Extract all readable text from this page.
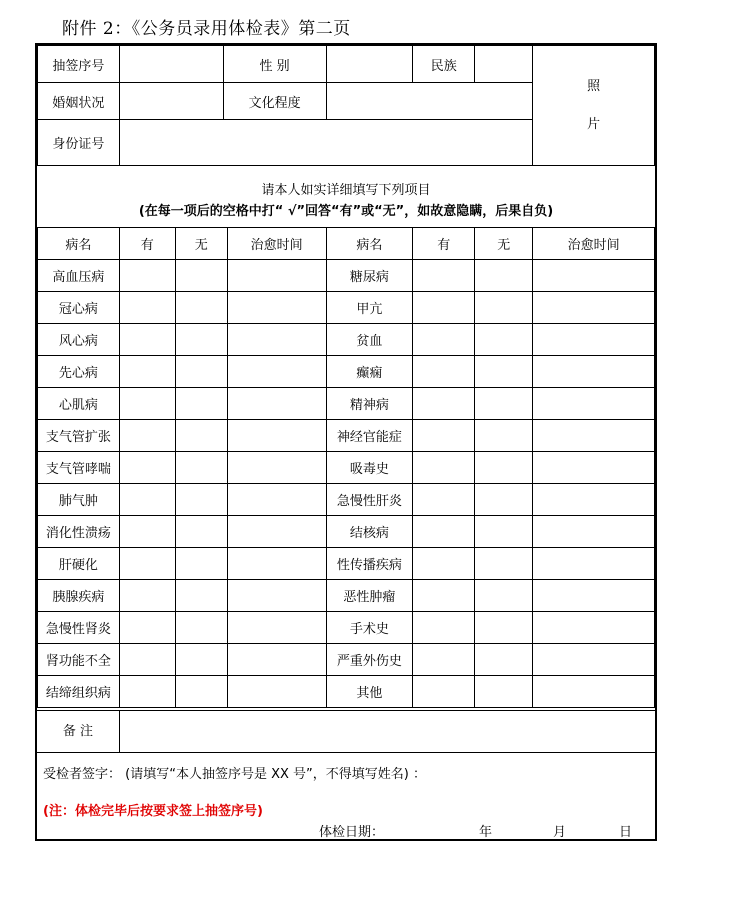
附件 2：《公务员录用体检表》第二页
抽签序号		性 别		民族		照
片

婚姻状况		文化程度				
身份证号						
请本人如实详细填写下列项目
(在每一项后的空格中打“ √”回答“有”或“无”，如故意隐瞒，后果自负)
病名	有	无	治愈时间	病名	有	无	治愈时间
高血压病				糖尿病			
冠心病				甲亢			
风心病				贫血			
先心病				癫痫			
心肌病				精神病			
支气管扩张				神经官能症			
支气管哮喘				吸毒史			
肺气肿				急慢性肝炎			
消化性溃疡				结核病			
肝硬化				性传播疾病			
胰腺疾病				恶性肿瘤			
急慢性肾炎				手术史			
肾功能不全				严重外伤史			
结缔组织病				其他			
备 注
受检者签字： (请填写“本人抽签序号是 XX 号”，不得填写姓名) ：
(注：体检完毕后按要求签上抽签序号)
体检日期：	年	月	日
